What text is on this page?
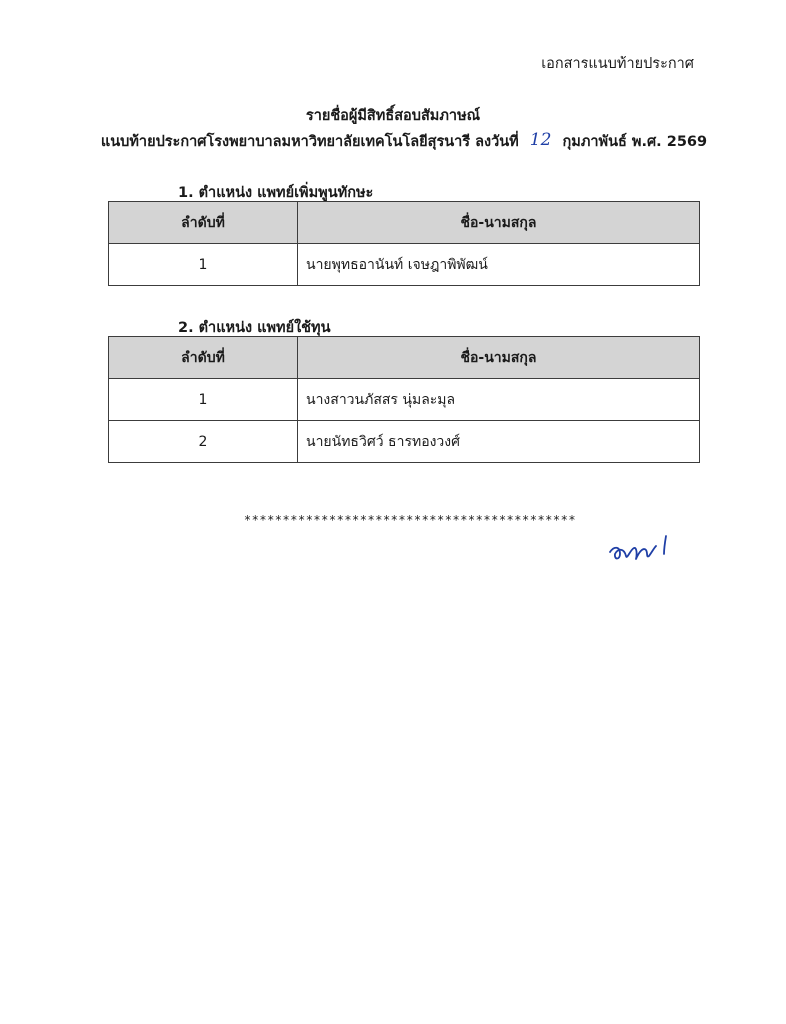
เอกสารแนบท้ายประกาศ
รายชื่อผู้มีสิทธิ์สอบสัมภาษณ์
แนบท้ายประกาศโรงพยาบาลมหาวิทยาลัยเทคโนโลยีสุรนารี ลงวันที่ 12 กุมภาพันธ์ พ.ศ. 2569
1. ตำแหน่ง แพทย์เพิ่มพูนทักษะ
ลำดับที่	ชื่อ-นามสกุล
1	นายพุทธอานันท์ เจษฎาพิพัฒน์
2. ตำแหน่ง แพทย์ใช้ทุน
ลำดับที่	ชื่อ-นามสกุล
1	นางสาวนภัสสร นุ่มละมุล
2	นายนัทธวิศว์ ธารทองวงศ์
*******************************************
